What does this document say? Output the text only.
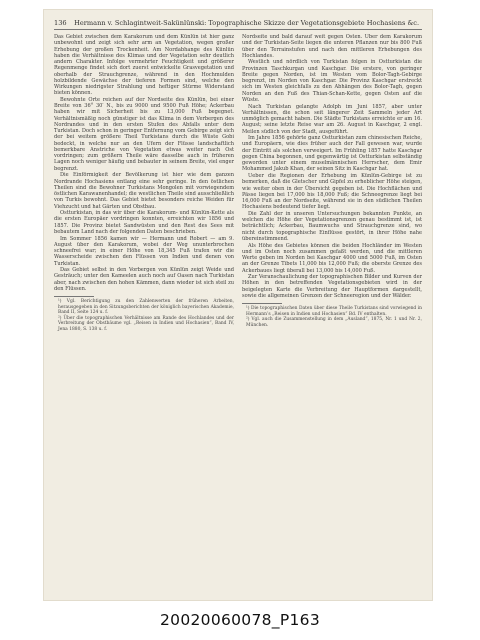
136 Hermann v. Schlagintweit-Sakünlünski: Topographische Skizze der Vegetationsgebiete Hochasiens &c.

Das Gebiet zwischen dem Karakorum und dem Künlün ist hier ganz unbewohnt und zeigt sich sehr arm an Vegetation, wegen großer Erhebung der großen Trockenheit. Am Nordabhange des Künlün haben die Verhältnisse des Klimas und der Vegetation sehr deutlich andern Charakter. Infolge vermehrter Feuchtigkeit und größerer Regenmenge findet sich dort zuerst entwickelte Grasvegetation und oberhalb der Strauchgrenze, während in den Hochmulden holzbildende Gewächse der tieferen Formen sind, welche den Wirkungen niedrigster Strahlung und heftiger Stürme Widerstand bieten können.

Bewohnte Orte reichen auf der Nordseite des Künlün, bei einer Breite von 36° 30′ N., bis zu 9000 und 9500 Fuß Höhe; Ackerbau haben wir mit Sicherheit bis zu 13,000 Fuß begegnet. Verhältnismäßig noch günstiger ist das Klima in dem Verbergen des Nordrandes und in den ersten Stufen des Abfalls unter dem Turkistan. Doch schon in geringer Entfernung vom Gebirge zeigt sich der bei weitem größere Theil Turkistans durch die Wüste Gobi bedeckt, in welche nur an den Ufern der Flüsse landschaftlich bemerkbare Anstriche von Vegetation etwas weiter nach Ost vordringen; zum größern Theile wäre dasselbe auch in früheren Lagen noch weniger häufig und bebauter in seinem Breite, viel enger begrenzt.

Die Einförmigkeit der Bevölkerung ist hier wie dem ganzen Nordrande Hochasiens entlang eine sehr geringe. In den östlichen Theilen sind die Bewohner Turkistans Mongolen mit vorwiegendem östlichen Karawanenhandel; die westlichen Theile sind ausschließlich von Turkis bewohnt. Das Gebiet bietet besonders reiche Weiden für Viehzucht und hat Gärten und Obstbau.

Ostturkistan, in das wir über die Karakorum- und Künlün-Kette als die ersten Europäer vordringen konnten, erreichten wir 1856 und 1857. Die Provinz bietet Sandwüsten und den Rest des Sees mit bebautem Land nach der folgenden Daten beschrieben.

Im Sommer 1856 kamen wir — Hermann und Robert — am 9. August über den Karakorum, wobei der Weg ununterbrochen schneefrei war; in einer Höhe von 18,345 Fuß trafen wir die Wasserscheide zwischen den Flüssen von Indien und denen von Turkistan.

Das Gebiet selbst in den Vorbergen von Künlün zeigt Weide und Gesträuch; unter den Kameelen auch noch auf Oasen nach Turkistan aber, nach zwischen den hohen Kämmen, dann wieder ist sich steil zu den Flüssen.

¹) Vgl. Berichtigung zu den Zahlenwerten der früheren Arbeiten, herausgegeben in den Sitzungsberichten der königlich bayerischen Akademie, Band II, Seite 124 u. f.

²) Über die topographischen Verhältnisse am Rande des Hochlandes und der Verbreitung der Obstbäume vgl. „Reisen in Indien und Hochasien“, Band IV, Jena 1880, S. 138 u. f.

Nordseite und bald darauf weit gegen Osten. Über dem Karakorum und der Turkistan-Seite liegen die unteren Pflanzen nur bis 800 Fuß über den Terrainstufen und nach den mittleren Erhebungen des Hochlandes.

Westlich und nördlich von Turkistan folgen in Ostturkistan die Provinzen Taschkurgan und Kaschgar. Die erstere, von geringer Breite gegen Norden, ist im Westen vom Bolor-Tagh-Gebirge begrenzt, im Norden von Kaschgar. Die Provinz Kaschgar erstreckt sich im Westen gleichfalls zu den Abhängen des Bolor-Tagh, gegen Norden an den Fuß des Thian-Schan-Kette, gegen Osten auf die Wüste.

Nach Turkistan gelangte Adolph im Juni 1857, aber unter Verhältnissen, die schon seit längerer Zeit Sammeln jeder Art unmöglich gemacht haben. Die Städte Turkistans erreichte er am 16. August; seine letzte Reise war am 26. August in Kaschgar, 2 engl. Meilen südlich von der Stadt, ausgeführt.

Im Jahre 1856 gehörte ganz Ostturkistan zum chinesischen Reiche, und Europäern, wie dies früher auch der Fall gewesen war, wurde der Eintritt als solchen verweigert. Im Frühling 1857 hatte Kaschgar gegen China begonnen, und gegenwärtig ist Ostturkistan selbständig geworden unter einem muselmännischen Herrscher, dem Emir Mohammed Jakub Khan, der seinen Sitz in Kaschgar hat.

Ueber die Regionen der Erhebung im Künlün-Gebirge ist zu bemerken, daß die Gletscher und Gipfel zu erheblicher Höhe steigen, wie weiter oben in der Übersicht gegeben ist. Die Hochflächen und Pässe liegen bei 17,000 bis 18,000 Fuß; die Schneegrenze liegt bei 16,000 Fuß an der Nordseite, während sie in den südlichen Theilen Hochasiens bedeutend tiefer liegt.

Die Zahl der in unseren Untersuchungen bekannten Punkte, an welchen die Höhe der Vegetationsgrenzen genau bestimmt ist, ist beträchtlich; Ackerbau, Baumwuchs und Strauchgrenze sind, wo nicht durch topographische Einflüsse gestört, in ihrer Höhe nahe übereinstimmend.

Als Höhe des Gebietes können die beiden Hochländer im Westen und im Osten noch zusammen gefaßt werden, und die mittleren Werte geben im Norden bei Kaschgar 4000 und 5000 Fuß, im Osten an der Grenze Tibets 11,000 bis 12,000 Fuß; die oberste Grenze des Ackerbaues liegt überall bei 13,000 bis 14,000 Fuß.

Zur Veranschaulichung der topographischen Bilder und Kurven der Höhen in den betreffenden Vegetationsgebieten wird in der beigelegten Karte die Verbreitung der Hauptformen dargestellt, sowie die allgemeinen Grenzen der Schneeregion und der Wälder.

¹) Die topographischen Daten über diese Theile Turkistans sind vorwiegend in Hermann’s „Reisen in Indien und Hochasien“ Bd. IV enthalten.

²) Vgl. auch die Zusammenstellung in dem „Ausland“, 1875, Nr. 1 und Nr. 2, München.

20020060078_P163
